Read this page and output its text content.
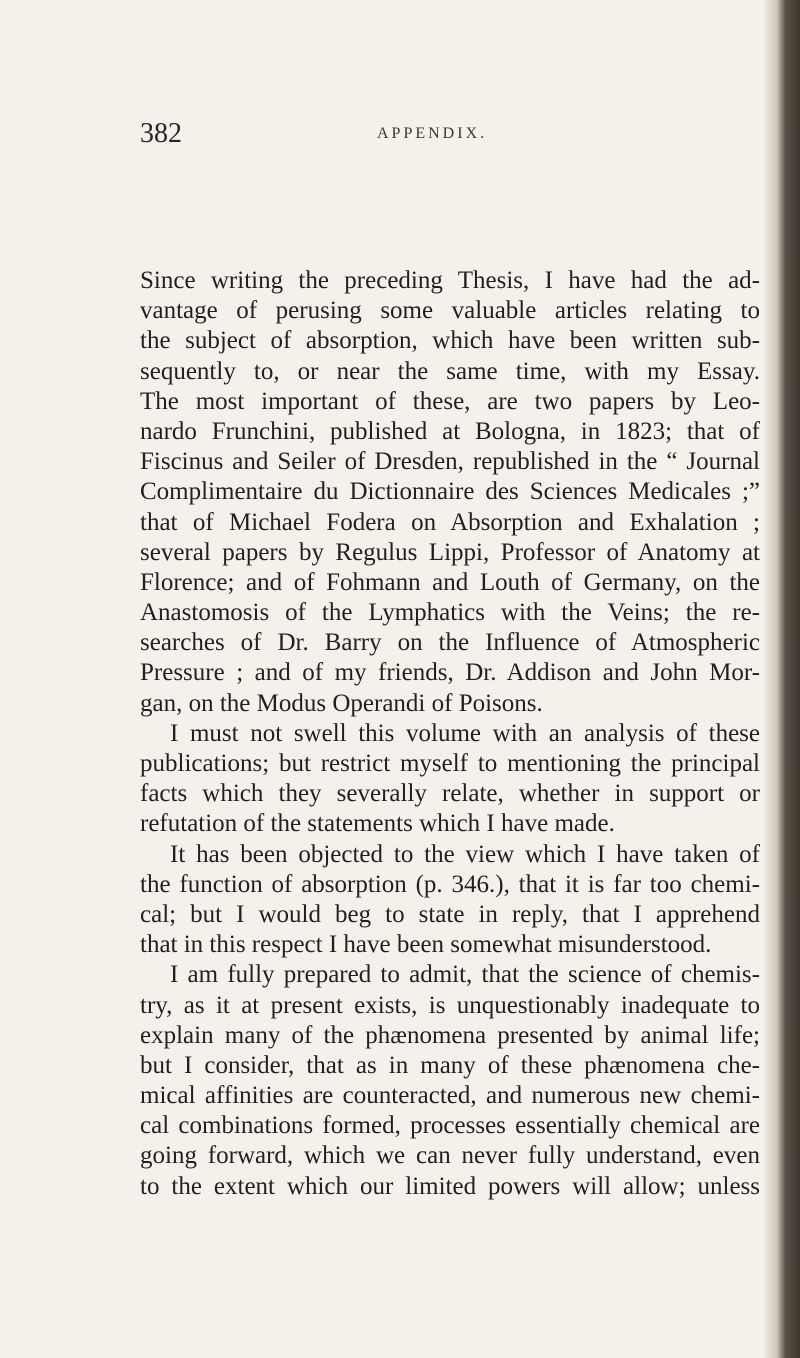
382	APPENDIX.
Since writing the preceding Thesis, I have had the ad-
vantage of perusing some valuable articles relating to
the subject of absorption, which have been written sub-
sequently to, or near the same time, with my Essay.
The most important of these, are two papers by Leo-
nardo Frunchini, published at Bologna, in 1823; that of
Fiscinus and Seiler of Dresden, republished in the “ Journal
Complimentaire du Dictionnaire des Sciences Medicales ;”
that of Michael Fodera on Absorption and Exhalation ;
several papers by Regulus Lippi, Professor of Anatomy at
Florence; and of Fohmann and Louth of Germany, on the
Anastomosis of the Lymphatics with the Veins; the re-
searches of Dr. Barry on the Influence of Atmospheric
Pressure ; and of my friends, Dr. Addison and John Mor-
gan, on the Modus Operandi of Poisons.
I must not swell this volume with an analysis of these
publications; but restrict myself to mentioning the principal
facts which they severally relate, whether in support or
refutation of the statements which I have made.
It has been objected to the view which I have taken of
the function of absorption (p. 346.), that it is far too chemi-
cal; but I would beg to state in reply, that I apprehend
that in this respect I have been somewhat misunderstood.
I am fully prepared to admit, that the science of chemis-
try, as it at present exists, is unquestionably inadequate to
explain many of the phænomena presented by animal life;
but I consider, that as in many of these phænomena che-
mical affinities are counteracted, and numerous new chemi-
cal combinations formed, processes essentially chemical are
going forward, which we can never fully understand, even
to the extent which our limited powers will allow; unless
